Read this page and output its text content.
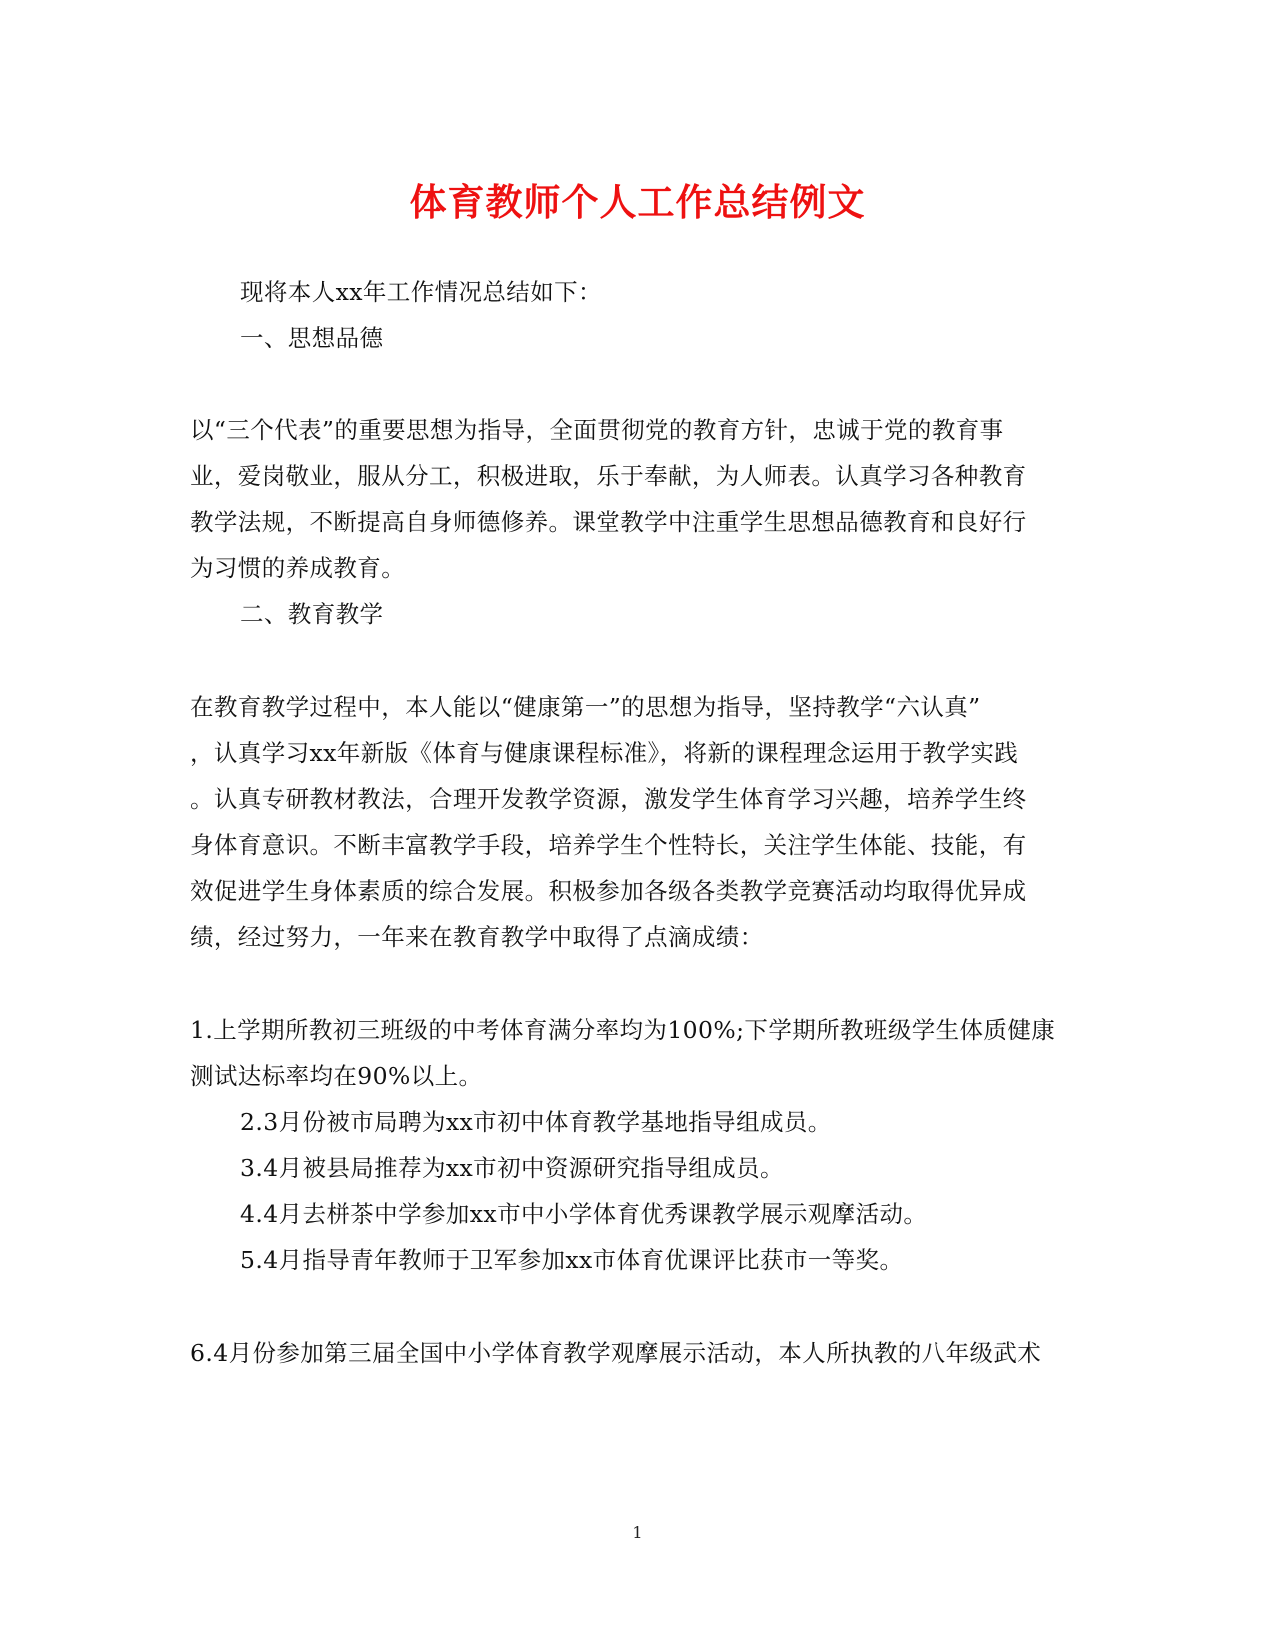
体育教师个人工作总结例文
现将本人xx年工作情况总结如下：
一、思想品德
以“三个代表”的重要思想为指导，全面贯彻党的教育方针，忠诚于党的教育事
业，爱岗敬业，服从分工，积极进取，乐于奉献，为人师表。认真学习各种教育
教学法规，不断提高自身师德修养。课堂教学中注重学生思想品德教育和良好行
为习惯的养成教育。
二、教育教学
在教育教学过程中，本人能以“健康第一”的思想为指导，坚持教学“六认真”
，认真学习xx年新版《体育与健康课程标准》，将新的课程理念运用于教学实践
。认真专研教材教法，合理开发教学资源，激发学生体育学习兴趣，培养学生终
身体育意识。不断丰富教学手段，培养学生个性特长，关注学生体能、技能，有
效促进学生身体素质的综合发展。积极参加各级各类教学竞赛活动均取得优异成
绩，经过努力，一年来在教育教学中取得了点滴成绩：
1.上学期所教初三班级的中考体育满分率均为100%;下学期所教班级学生体质健康
测试达标率均在90%以上。
2.3月份被市局聘为xx市初中体育教学基地指导组成员。
3.4月被县局推荐为xx市初中资源研究指导组成员。
4.4月去栟茶中学参加xx市中小学体育优秀课教学展示观摩活动。
5.4月指导青年教师于卫军参加xx市体育优课评比获市一等奖。
6.4月份参加第三届全国中小学体育教学观摩展示活动，本人所执教的八年级武术
1
